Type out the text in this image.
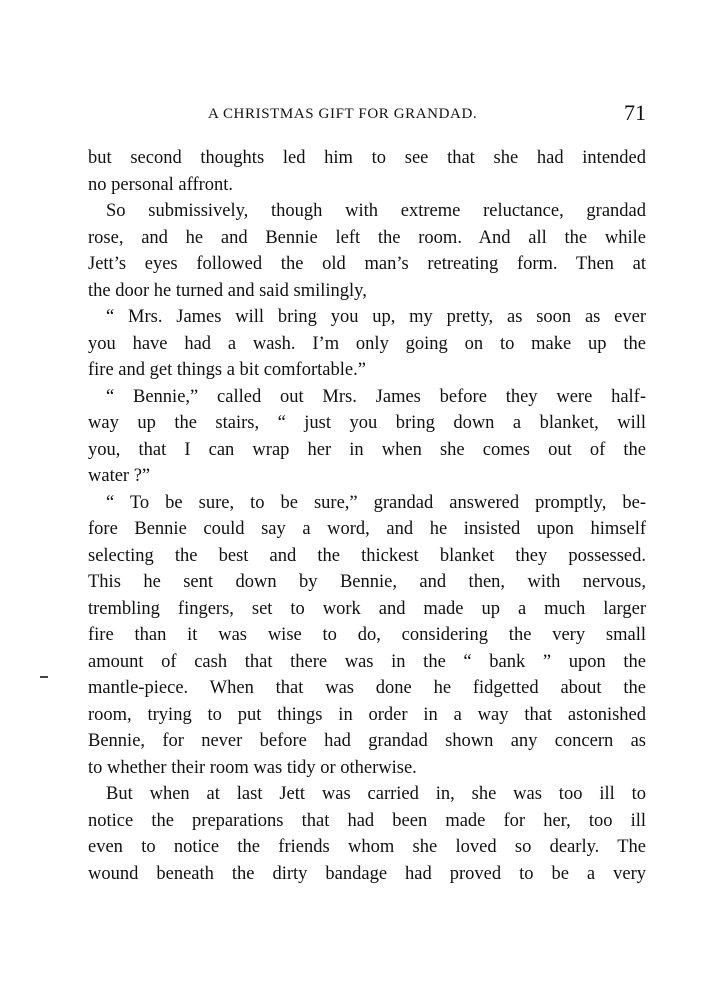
A CHRISTMAS GIFT FOR GRANDAD.	71
but second thoughts led him to see that she had intended
no personal affront.
So submissively, though with extreme reluctance, grandad
rose, and he and Bennie left the room. And all the while
Jett’s eyes followed the old man’s retreating form. Then at
the door he turned and said smilingly,
“ Mrs. James will bring you up, my pretty, as soon as ever
you have had a wash. I’m only going on to make up the
fire and get things a bit comfortable.”
“ Bennie,” called out Mrs. James before they were half-
way up the stairs, “ just you bring down a blanket, will
you, that I can wrap her in when she comes out of the
water ?”
“ To be sure, to be sure,” grandad answered promptly, be-
fore Bennie could say a word, and he insisted upon himself
selecting the best and the thickest blanket they possessed.
This he sent down by Bennie, and then, with nervous,
trembling fingers, set to work and made up a much larger
fire than it was wise to do, considering the very small
amount of cash that there was in the “ bank ” upon the
mantle-piece. When that was done he fidgetted about the
room, trying to put things in order in a way that astonished
Bennie, for never before had grandad shown any concern as
to whether their room was tidy or otherwise.
But when at last Jett was carried in, she was too ill to
notice the preparations that had been made for her, too ill
even to notice the friends whom she loved so dearly. The
wound beneath the dirty bandage had proved to be a very
